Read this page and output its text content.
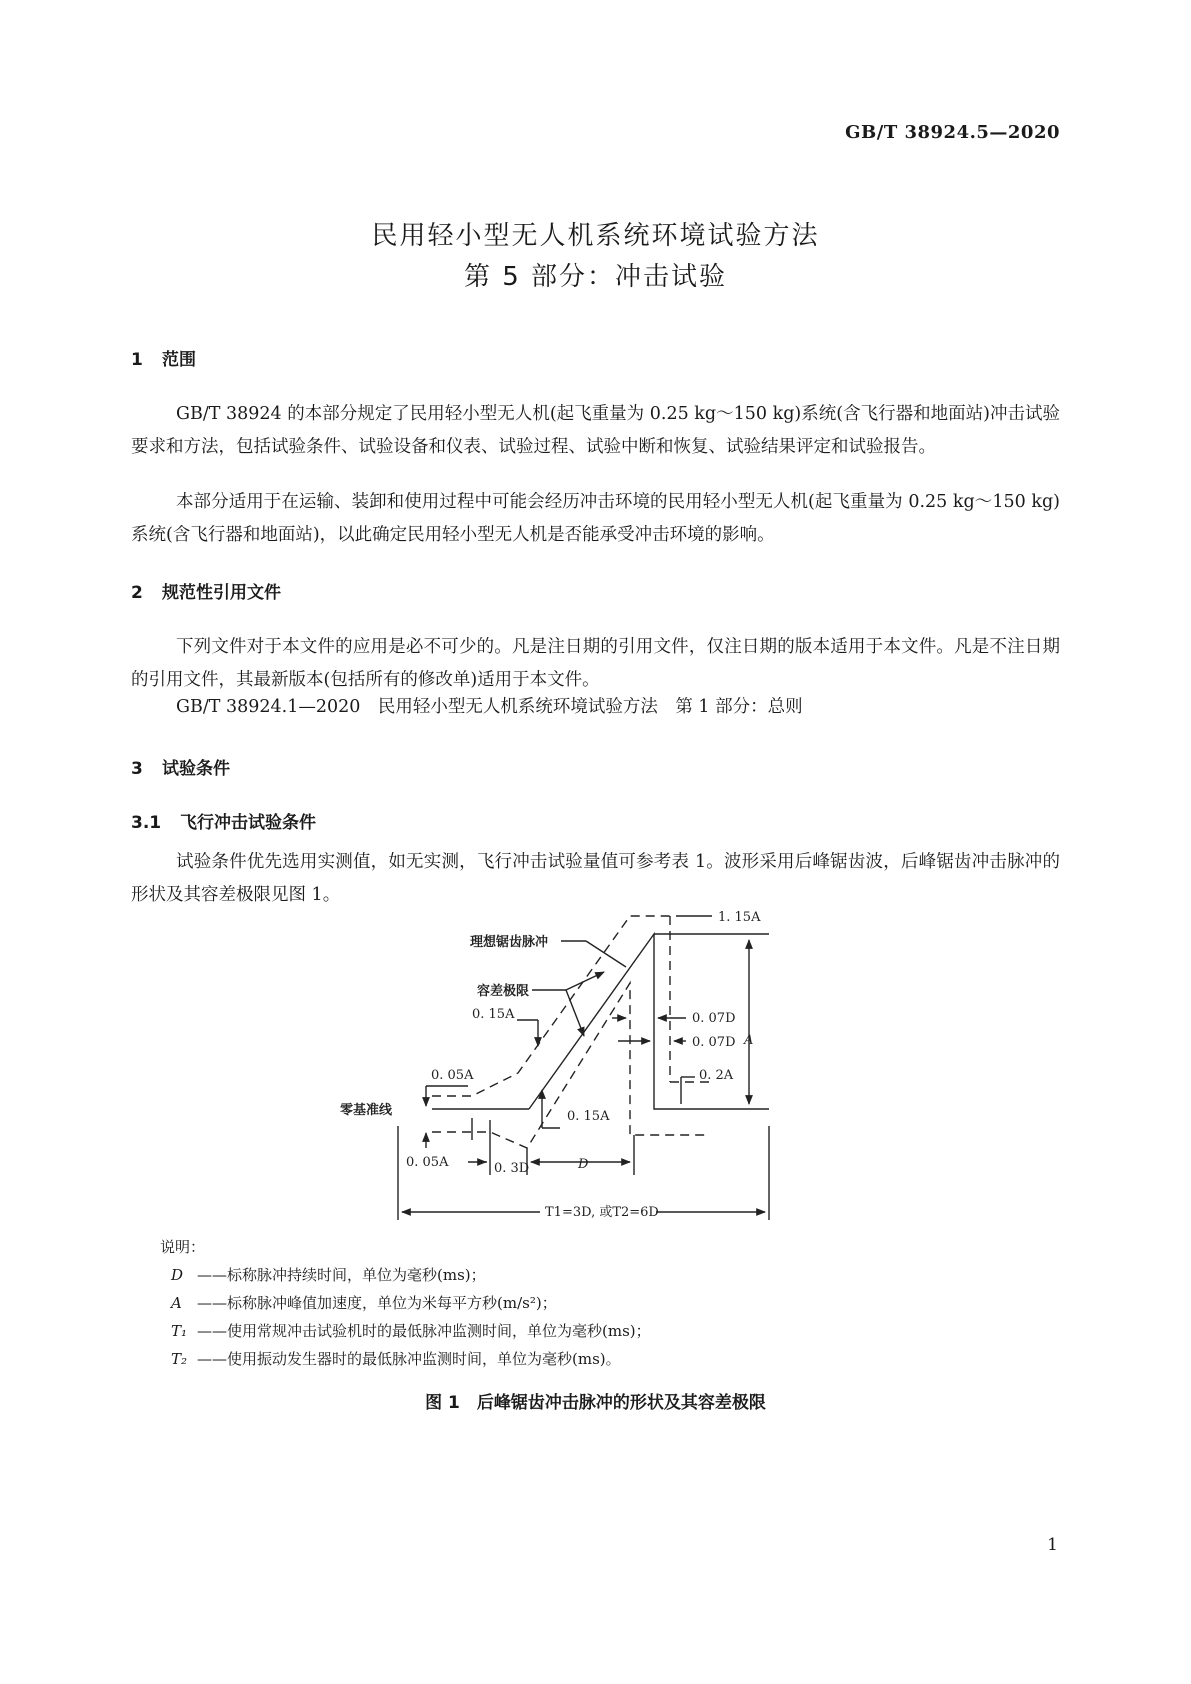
GB/T 38924.5—2020
民用轻小型无人机系统环境试验方法
第 5 部分：冲击试验
1 范围
GB/T 38924 的本部分规定了民用轻小型无人机(起飞重量为 0.25 kg～150 kg)系统(含飞行器和地面站)冲击试验要求和方法，包括试验条件、试验设备和仪表、试验过程、试验中断和恢复、试验结果评定和试验报告。
本部分适用于在运输、装卸和使用过程中可能会经历冲击环境的民用轻小型无人机(起飞重量为 0.25 kg～150 kg)系统(含飞行器和地面站)，以此确定民用轻小型无人机是否能承受冲击环境的影响。
2 规范性引用文件
下列文件对于本文件的应用是必不可少的。凡是注日期的引用文件，仅注日期的版本适用于本文件。凡是不注日期的引用文件，其最新版本(包括所有的修改单)适用于本文件。
GB/T 38924.1—2020　民用轻小型无人机系统环境试验方法　第 1 部分：总则
3 试验条件
3.1 飞行冲击试验条件
试验条件优先选用实测值，如无实测，飞行冲击试验量值可参考表 1。波形采用后峰锯齿波，后峰锯齿冲击脉冲的形状及其容差极限见图 1。
理想锯齿脉冲
容差极限
零基准线
1. 15A
0. 15A
0. 05A
0. 15A
0. 05A
0. 07D
0. 07D
0. 2A
A
0. 3D	D
T1=3D, 或T2=6D
说明：
D ——标称脉冲持续时间，单位为毫秒(ms)；
A ——标称脉冲峰值加速度，单位为米每平方秒(m/s²)；
T₁ ——使用常规冲击试验机时的最低脉冲监测时间，单位为毫秒(ms)；
T₂ ——使用振动发生器时的最低脉冲监测时间，单位为毫秒(ms)。
图 1　后峰锯齿冲击脉冲的形状及其容差极限
1
